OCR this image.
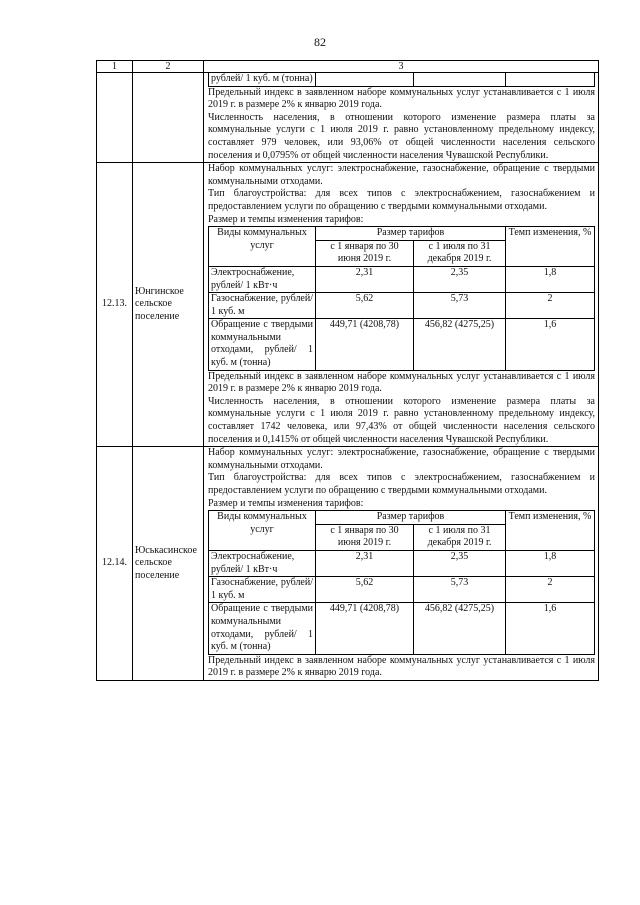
82
1	2	3

рублей/ 1 куб. м (тонна)			

Предельный индекс в заявленном наборе коммунальных услуг устанавливается с 1 июля 2019 г. в размере 2% к январю 2019 года.

Численность населения, в отношении которого изменение размера платы за коммунальные услуги с 1 июля 2019 г. равно установленному предельному индексу, составляет 979 человек, или 93,06% от общей численности населения сельского поселения и 0,0795% от общей численности населения Чувашской Республики.

12.13.	Юнгинское сельское поселение	

Набор коммунальных услуг: электроснабжение, газоснабжение, обращение с твердыми коммунальными отходами.

Тип благоустройства: для всех типов с электроснабжением, газоснабжением и предоставлением услуги по обращению с твердыми коммунальными отходами.

Размер и темпы изменения тарифов:

Виды коммунальных услуг	Размер тарифов	Темп изменения, %
с 1 января по 30 июня 2019 г.	с 1 июля по 31 декабря 2019 г.
Электроснабжение, рублей/ 1 кВт·ч	2,31	2,35	1,8
Газоснабжение, рублей/ 1 куб. м	5,62	5,73	2
Обращение с твердыми коммунальными отходами, рублей/ 1 куб. м (тонна)	449,71 (4208,78)	456,82 (4275,25)	1,6

Предельный индекс в заявленном наборе коммунальных услуг устанавливается с 1 июля 2019 г. в размере 2% к январю 2019 года.

Численность населения, в отношении которого изменение размера платы за коммунальные услуги с 1 июля 2019 г. равно установленному предельному индексу, составляет 1742 человека, или 97,43% от общей численности населения сельского поселения и 0,1415% от общей численности населения Чувашской Республики.

12.14.	Юськасинское сельское поселение	

Набор коммунальных услуг: электроснабжение, газоснабжение, обращение с твердыми коммунальными отходами.

Тип благоустройства: для всех типов с электроснабжением, газоснабжением и предоставлением услуги по обращению с твердыми коммунальными отходами.

Размер и темпы изменения тарифов:

Виды коммунальных услуг	Размер тарифов	Темп изменения, %
с 1 января по 30 июня 2019 г.	с 1 июля по 31 декабря 2019 г.
Электроснабжение, рублей/ 1 кВт·ч	2,31	2,35	1,8
Газоснабжение, рублей/ 1 куб. м	5,62	5,73	2
Обращение с твердыми коммунальными отходами, рублей/ 1 куб. м (тонна)	449,71 (4208,78)	456,82 (4275,25)	1,6

Предельный индекс в заявленном наборе коммунальных услуг устанавливается с 1 июля 2019 г. в размере 2% к январю 2019 года.
